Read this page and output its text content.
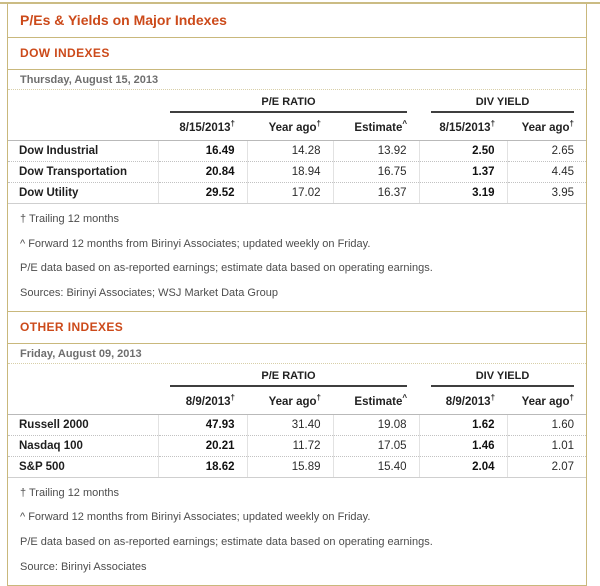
P/Es & Yields on Major Indexes
DOW INDEXES
Thursday, August 15, 2013

	P/E RATIO			DIV YIELD	

	8/15/2013†	Year ago†	Estimate^	8/15/2013†	Year ago†
Dow Industrial	16.49	14.28	13.92	2.50	2.65
Dow Transportation	20.84	18.94	16.75	1.37	4.45
Dow Utility	29.52	17.02	16.37	3.19	3.95

† Trailing 12 months

^ Forward 12 months from Birinyi Associates; updated weekly on Friday.

P/E data based on as-reported earnings; estimate data based on operating earnings.

Sources: Birinyi Associates; WSJ Market Data Group

OTHER INDEXES
Friday, August 09, 2013

	P/E RATIO			DIV YIELD	

	8/9/2013†	Year ago†	Estimate^	8/9/2013†	Year ago†
Russell 2000	47.93	31.40	19.08	1.62	1.60
Nasdaq 100	20.21	11.72	17.05	1.46	1.01
S&P 500	18.62	15.89	15.40	2.04	2.07

† Trailing 12 months

^ Forward 12 months from Birinyi Associates; updated weekly on Friday.

P/E data based on as-reported earnings; estimate data based on operating earnings.

Source: Birinyi Associates
